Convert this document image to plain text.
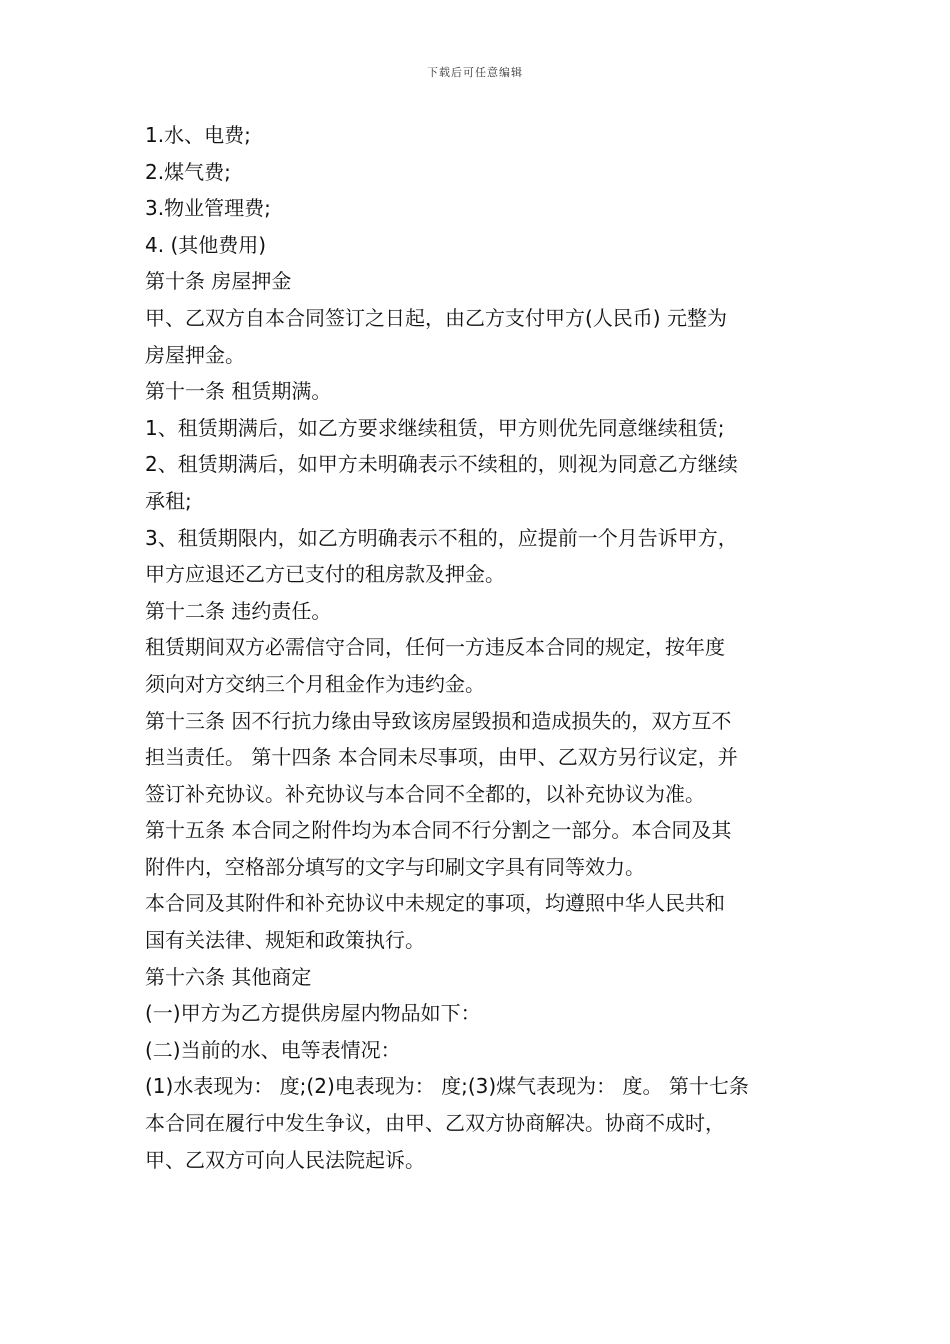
下载后可任意编辑
1.水、电费;
2.煤气费;
3.物业管理费;
4. (其他费用)
第十条 房屋押金
甲、乙双方自本合同签订之日起，由乙方支付甲方(人民币) 元整为
房屋押金。
第十一条 租赁期满。
1、租赁期满后，如乙方要求继续租赁，甲方则优先同意继续租赁;
2、租赁期满后，如甲方未明确表示不续租的，则视为同意乙方继续
承租;
3、租赁期限内，如乙方明确表示不租的，应提前一个月告诉甲方，
甲方应退还乙方已支付的租房款及押金。
第十二条 违约责任。
租赁期间双方必需信守合同，任何一方违反本合同的规定，按年度
须向对方交纳三个月租金作为违约金。
第十三条 因不行抗力缘由导致该房屋毁损和造成损失的，双方互不
担当责任。 第十四条 本合同未尽事项，由甲、乙双方另行议定，并
签订补充协议。补充协议与本合同不全都的，以补充协议为准。
第十五条 本合同之附件均为本合同不行分割之一部分。本合同及其
附件内，空格部分填写的文字与印刷文字具有同等效力。
本合同及其附件和补充协议中未规定的事项，均遵照中华人民共和
国有关法律、规矩和政策执行。
第十六条 其他商定
(一)甲方为乙方提供房屋内物品如下：
(二)当前的水、电等表情况：
(1)水表现为： 度;(2)电表现为： 度;(3)煤气表现为： 度。 第十七条
本合同在履行中发生争议，由甲、乙双方协商解决。协商不成时，
甲、乙双方可向人民法院起诉。
